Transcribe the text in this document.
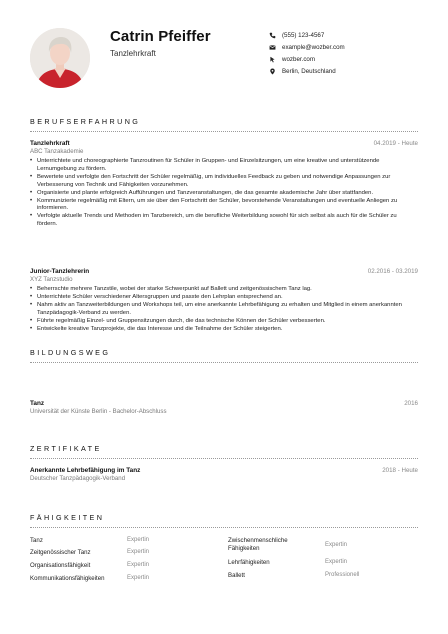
Catrin Pfeiffer
Tanzlehrkraft
(555) 123-4567
example@wozber.com
wozber.com
Berlin, Deutschland
BERUFSERFAHRUNG
Tanzlehrkraft	04.2019 - Heute
ABC Tanzakademie
• Unterrichtete und choreographierte Tanzroutinen für Schüler in Gruppen- und Einzelsitzungen, um eine kreative und unterstützende Lernumgebung zu fördern.
• Bewertete und verfolgte den Fortschritt der Schüler regelmäßig, um individuelles Feedback zu geben und notwendige Anpassungen zur Verbesserung von Technik und Fähigkeiten vorzunehmen.
• Organisierte und plante erfolgreich Aufführungen und Tanzveranstaltungen, die das gesamte akademische Jahr über stattfanden.
• Kommunizierte regelmäßig mit Eltern, um sie über den Fortschritt der Schüler, bevorstehende Veranstaltungen und eventuelle Anliegen zu informieren.
• Verfolgte aktuelle Trends und Methoden im Tanzbereich, um die berufliche Weiterbildung sowohl für sich selbst als auch für die Schüler zu fördern.
Junior-Tanzlehrerin	02.2016 - 03.2019
XYZ Tanzstudio
• Beherrschte mehrere Tanzstile, wobei der starke Schwerpunkt auf Ballett und zeitgenössischem Tanz lag.
• Unterrichtete Schüler verschiedener Altersgruppen und passte den Lehrplan entsprechend an.
• Nahm aktiv an Tanzweiterbildungen und Workshops teil, um eine anerkannte Lehrbefähigung zu erhalten und Mitglied in einem anerkannten Tanzpädagogik-Verband zu werden.
• Führte regelmäßig Einzel- und Gruppensitzungen durch, die das technische Können der Schüler verbesserten.
• Entwickelte kreative Tanzprojekte, die das Interesse und die Teilnahme der Schüler steigerten.
BILDUNGSWEG
Tanz	2016
Universität der Künste Berlin - Bachelor-Abschluss
ZERTIFIKATE
Anerkannte Lehrbefähigung im Tanz	2018 - Heute
Deutscher Tanzpädagogik-Verband
FÄHIGKEITEN
Tanz	Expertin
Zeitgenössischer Tanz	Expertin
Organisationsfähigkeit	Expertin
Kommunikationsfähigkeiten	Expertin
Zwischenmenschliche Fähigkeiten	Expertin
Lehrfähigkeiten	Expertin
Ballett	Professionell
